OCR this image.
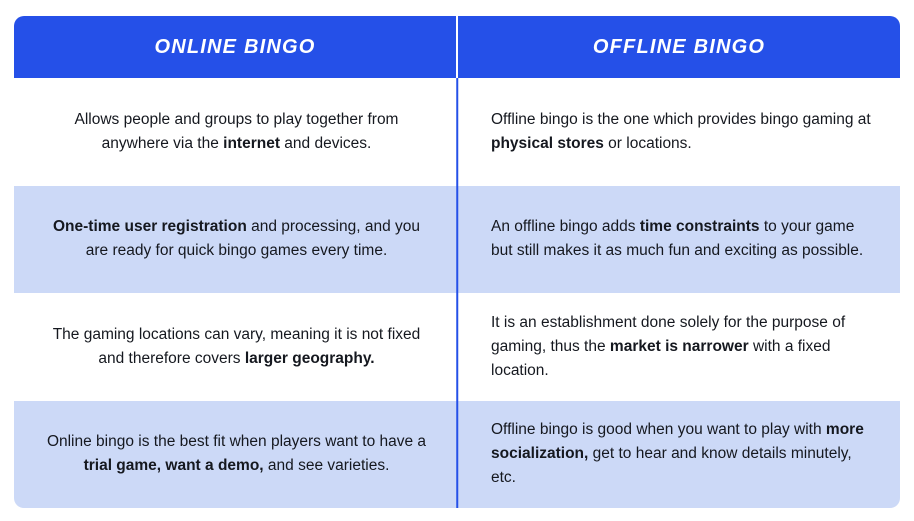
ONLINE BINGO	OFFLINE BINGO
Allows people and groups to play together from anywhere via the internet and devices.
Offline bingo is the one which provides bingo gaming at physical stores or locations.
One-time user registration and processing, and you are ready for quick bingo games every time.
An offline bingo adds time constraints to your game but still makes it as much fun and exciting as possible.
The gaming locations can vary, meaning it is not fixed and therefore covers larger geography.
It is an establishment done solely for the purpose of gaming, thus the market is narrower with a fixed location.
Online bingo is the best fit when players want to have a trial game, want a demo, and see varieties.
Offline bingo is good when you want to play with more socialization, get to hear and know details minutely, etc.
